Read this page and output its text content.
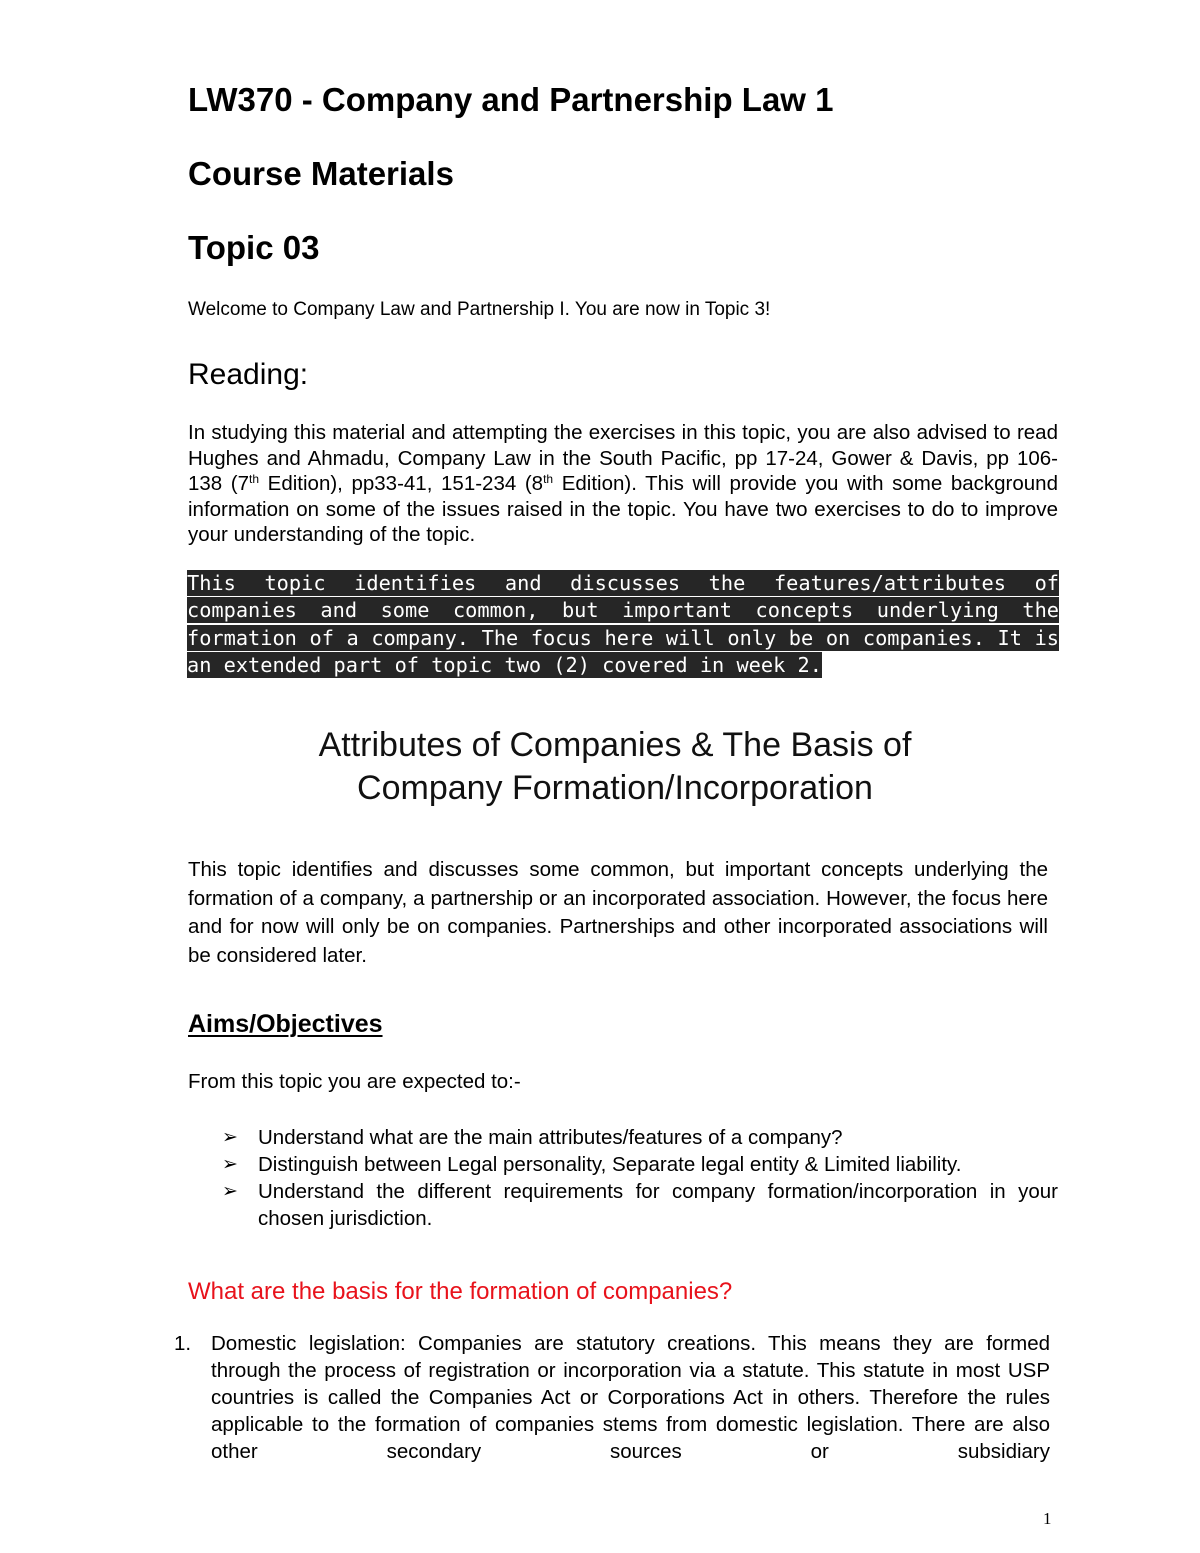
LW370 - Company and Partnership Law 1
Course Materials
Topic 03
Welcome to Company Law and Partnership I. You are now in Topic 3!
Reading:
In studying this material and attempting the exercises in this topic, you are also advised to read Hughes and Ahmadu, Company Law in the South Pacific, pp 17-24, Gower & Davis, pp 106-138 (7th Edition), pp33-41, 151-234 (8th Edition). This will provide you with some background information on some of the issues raised in the topic. You have two exercises to do to improve your understanding of the topic.

This topic identifies and discusses the features/attributes of companies and some common, but important concepts underlying the formation of a company. The focus here will only be on companies. It is an extended part of topic two (2) covered in week 2.

Attributes of Companies & The Basis of
Company Formation/Incorporation
This topic identifies and discusses some common, but important concepts underlying the formation of a company, a partnership or an incorporated association. However, the focus here and for now will only be on companies. Partnerships and other incorporated associations will be considered later.
Aims/Objectives
From this topic you are expected to:-
➢ Understand what are the main attributes/features of a company?
➢ Distinguish between Legal personality, Separate legal entity & Limited liability.
➢ Understand the different requirements for company formation/incorporation in your chosen jurisdiction.
What are the basis for the formation of companies?
1. Domestic legislation: Companies are statutory creations. This means they are formed through the process of registration or incorporation via a statute. This statute in most USP countries is called the Companies Act or Corporations Act in others. Therefore the rules applicable to the formation of companies stems from domestic legislation. There are also other secondary sources or subsidiary
1
